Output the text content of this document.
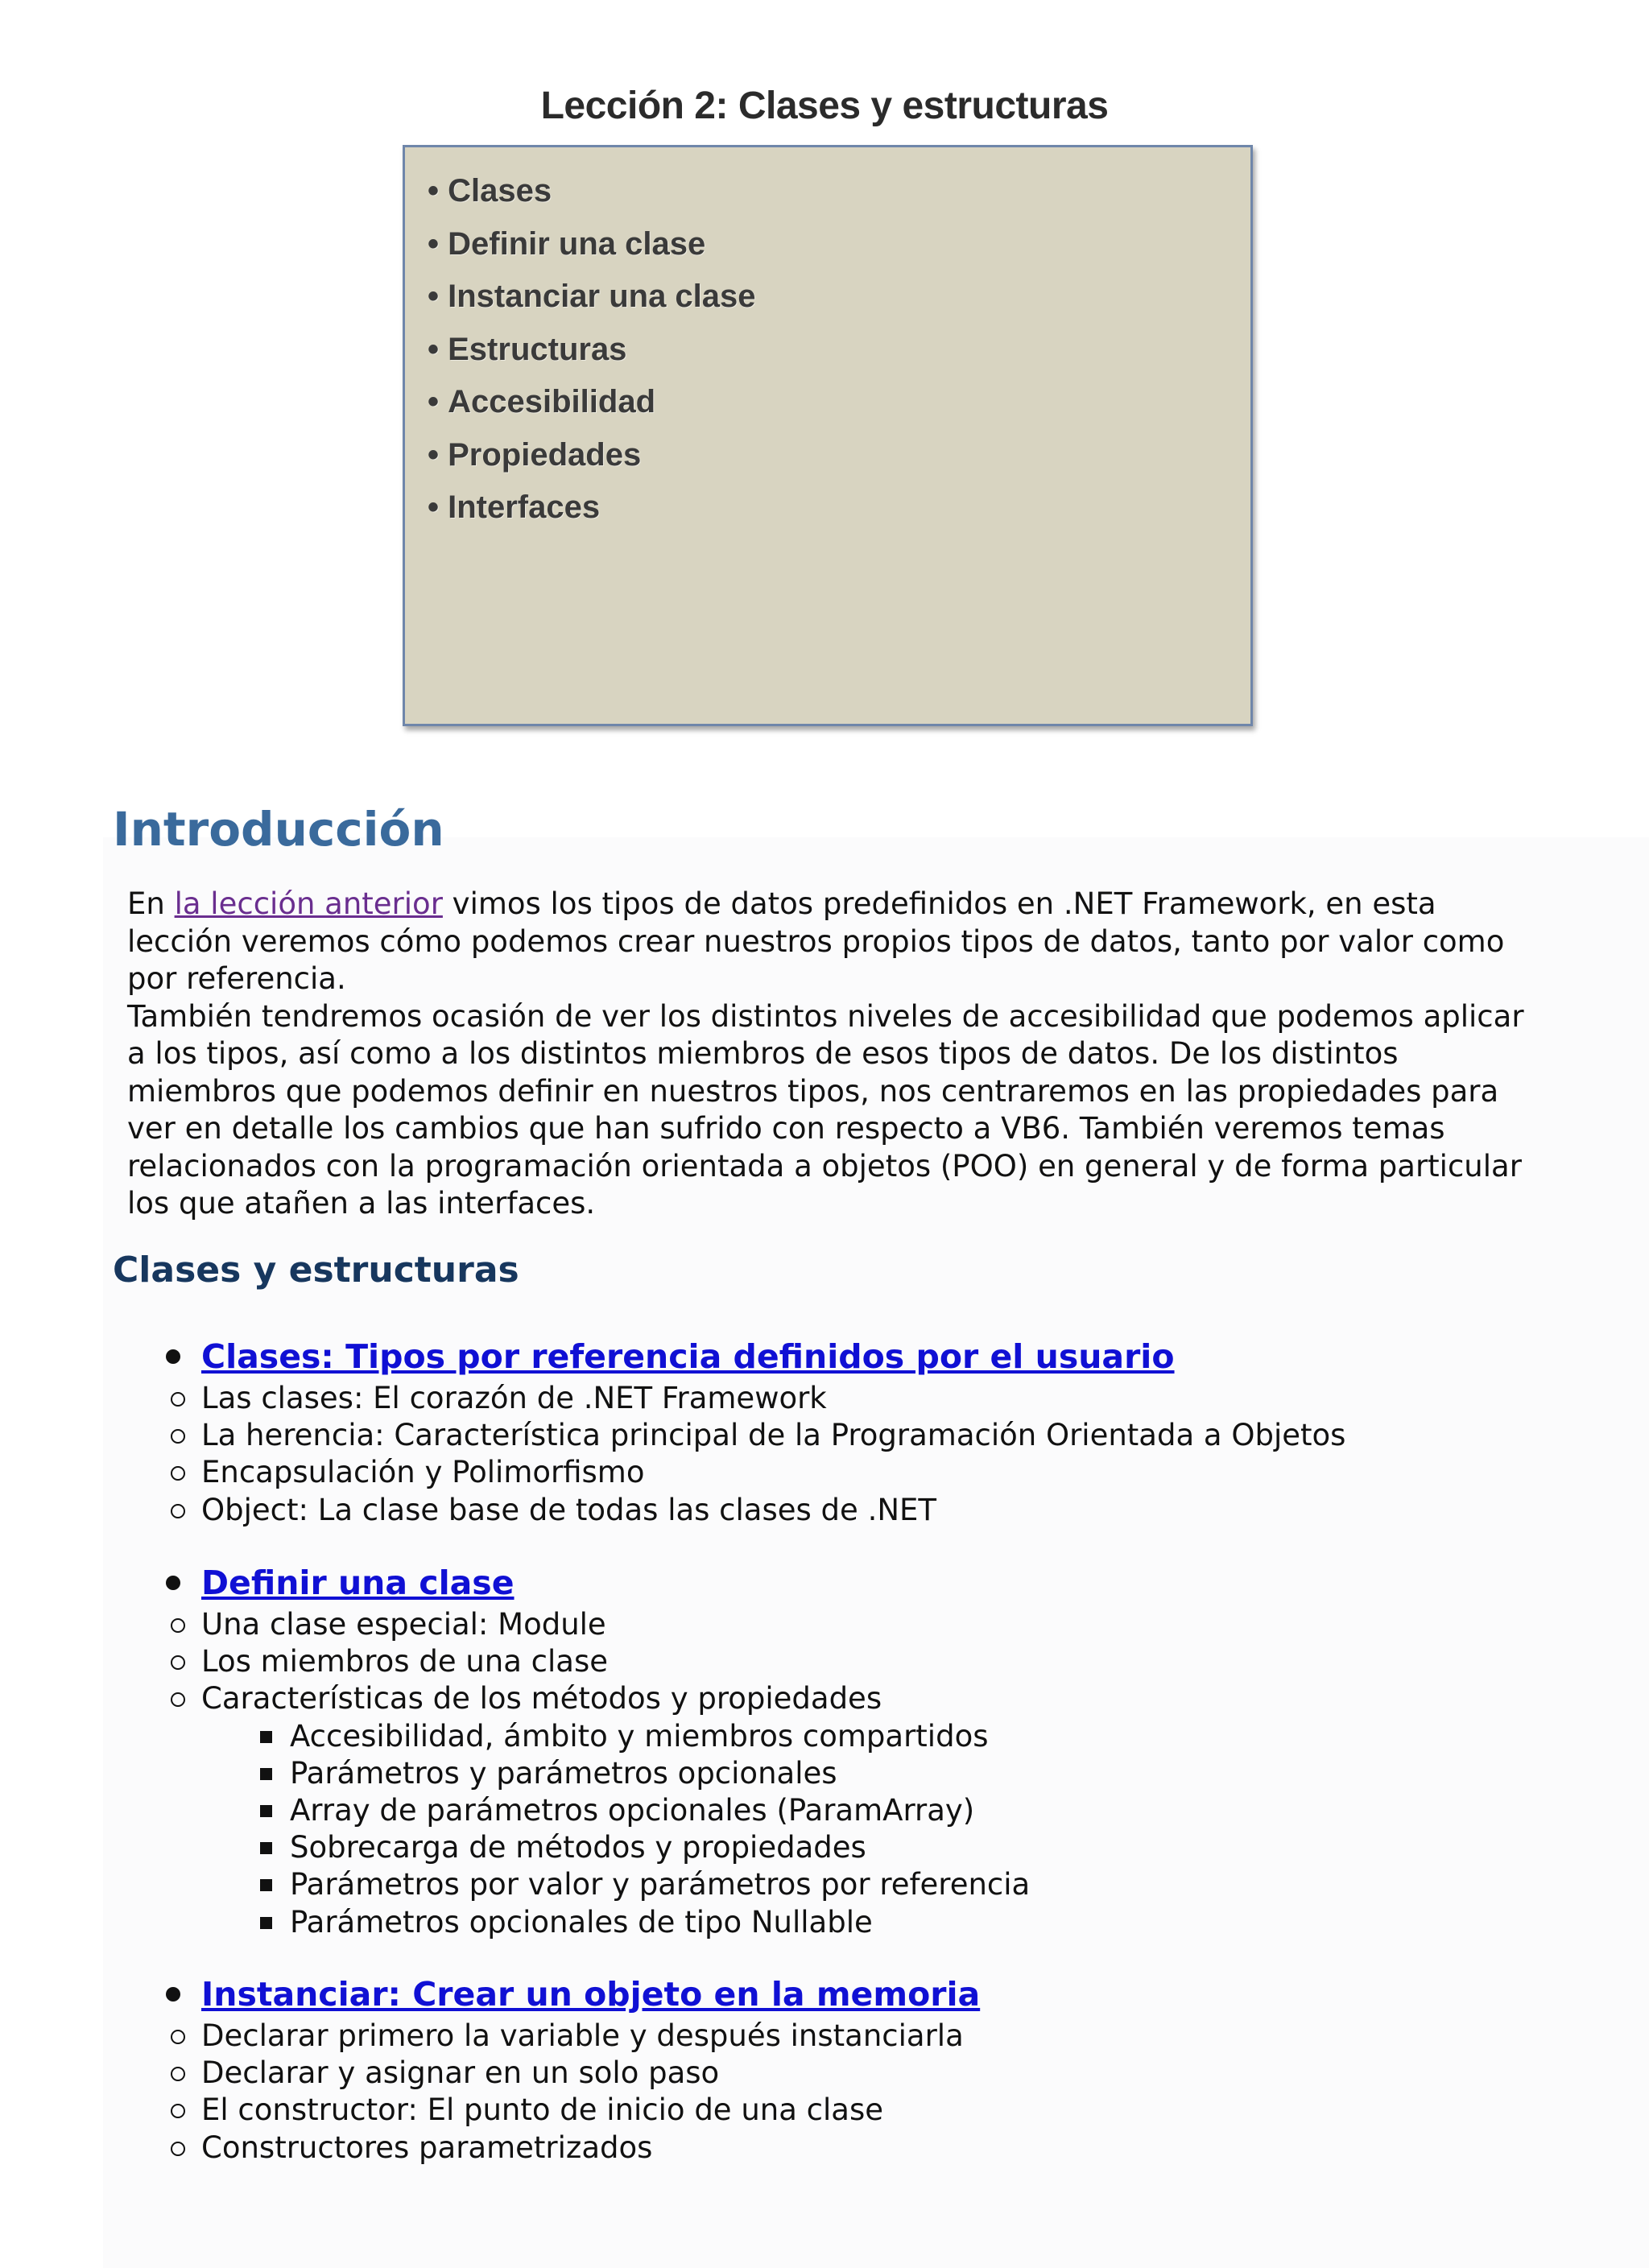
Lección 2: Clases y estructuras
• Clases
• Definir una clase
• Instanciar una clase
• Estructuras
• Accesibilidad
• Propiedades
• Interfaces
Introducción
En la lección anterior vimos los tipos de datos predefinidos en .NET Framework, en esta lección veremos cómo podemos crear nuestros propios tipos de datos, tanto por valor como por referencia.
También tendremos ocasión de ver los distintos niveles de accesibilidad que podemos aplicar a los tipos, así como a los distintos miembros de esos tipos de datos. De los distintos miembros que podemos definir en nuestros tipos, nos centraremos en las propiedades para ver en detalle los cambios que han sufrido con respecto a VB6. También veremos temas relacionados con la programación orientada a objetos (POO) en general y de forma particular los que atañen a las interfaces.
Clases y estructuras
Clases: Tipos por referencia definidos por el usuario
Las clases: El corazón de .NET Framework
La herencia: Característica principal de la Programación Orientada a Objetos
Encapsulación y Polimorfismo
Object: La clase base de todas las clases de .NET
Definir una clase
Una clase especial: Module
Los miembros de una clase
Características de los métodos y propiedades
Accesibilidad, ámbito y miembros compartidos
Parámetros y parámetros opcionales
Array de parámetros opcionales (ParamArray)
Sobrecarga de métodos y propiedades
Parámetros por valor y parámetros por referencia
Parámetros opcionales de tipo Nullable
Instanciar: Crear un objeto en la memoria
Declarar primero la variable y después instanciarla
Declarar y asignar en un solo paso
El constructor: El punto de inicio de una clase
Constructores parametrizados
